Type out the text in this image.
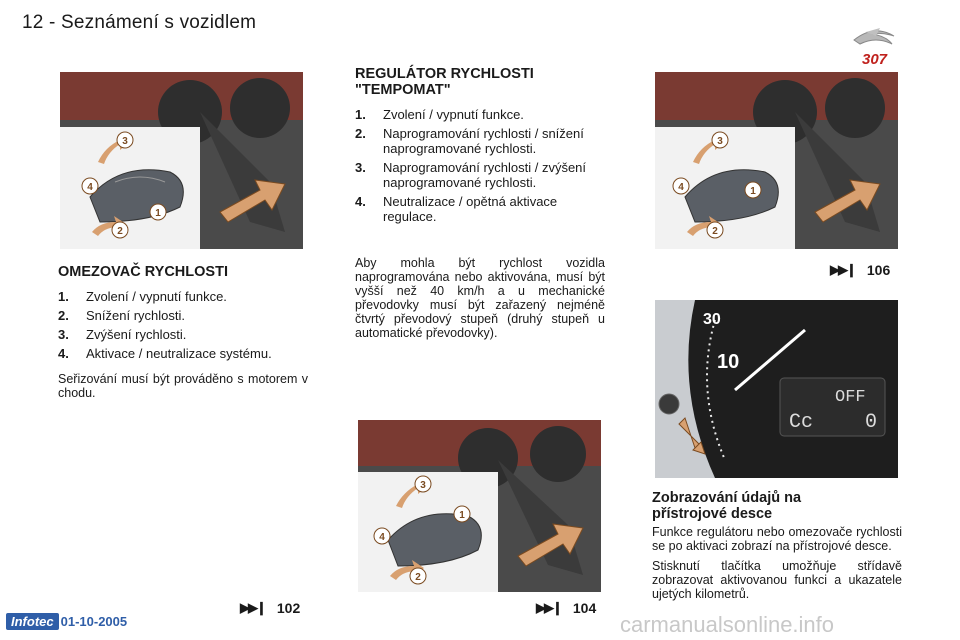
12 - Seznámení s vozidlem
307
3
4
1
2
OMEZOVAČ RYCHLOSTI
1.	Zvolení / vypnutí funkce.
2.	Snížení rychlosti.
3.	Zvýšení rychlosti.
4.	Aktivace / neutralizace systému.

Seřizování musí být prováděno s motorem v chodu.

▶▶❙ 102
REGULÁTOR RYCHLOSTI "TEMPOMAT"
1.	Zvolení / vypnutí funkce.
2.	Naprogramování rychlosti / snížení naprogramované rychlosti.
3.	Naprogramování rychlosti / zvýšení naprogramované rychlosti.
4.	Neutralizace / opětná aktivace regulace.

Aby mohla být rychlost vozidla naprogramována nebo aktivována, musí být vyšší než 40 km/h a u mechanické převodovky musí být zařazený nejméně čtvrtý převodový stupeň (druhý stupeň u automatické převodovky).

3
4
1
2
▶▶❙ 104
3
4	1
2
▶▶❙ 106
30
10
OFF
Cc	0
Zobrazování údajů na přístrojové desce

Funkce regulátoru nebo omezovače rychlosti se po aktivaci zobrazí na přístrojové desce.

Stisknutí tlačítka umožňuje střídavě zobrazovat aktivovanou funkci a ukazatele ujetých kilometrů.

Infotec 01-10-2005	carmanualsonline.info
